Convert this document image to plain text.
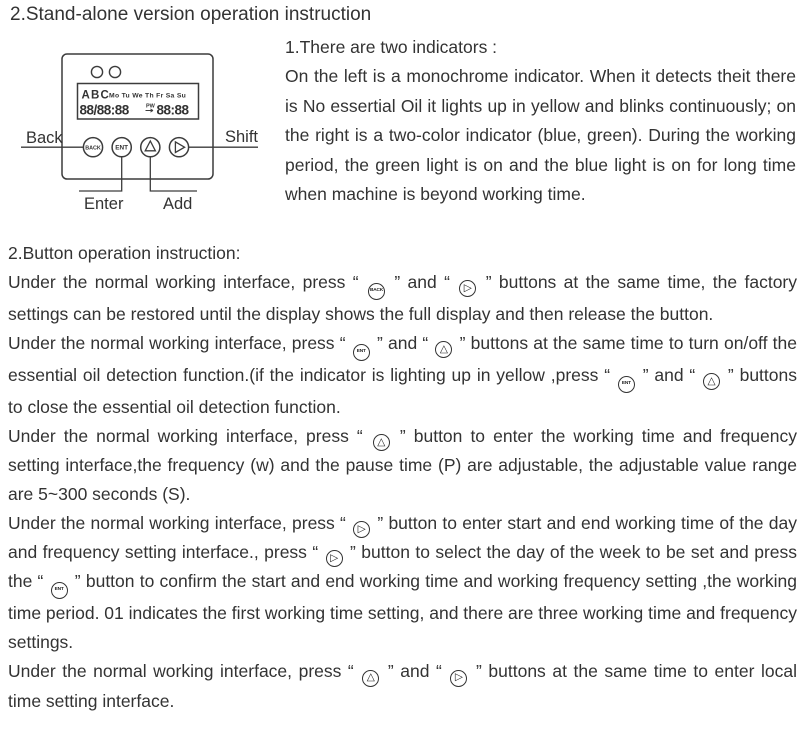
2.Stand-alone version operation instruction
ABC
Mo Tu We Th Fr Sa Su
88/88:88	PW 88:88
BACK ENT
Back	Shift
Enter Add
1.There are two indicators :
On the left is a monochrome indicator. When it detects theit there is No essertial Oil it lights up in yellow and blinks continuously; on the right is a two-color indicator (blue, green). During the working period, the green light is on and the blue light is on for long time when machine is beyond working time.
2.Button operation instruction:

Under the normal working interface, press “ BACK ” and “ ▷ ” buttons at the same time, the factory settings can be restored until the display shows the full display and then release the button.

Under the normal working interface, press “ ENT ” and “ △ ” buttons at the same time to turn on/off the essential oil detection function.(if the indicator is lighting up in yellow ,press “ ENT ” and “ △ ” buttons to close the essential oil detection function.

Under the normal working interface, press “ △ ” button to enter the working time and frequency setting interface,the frequency (w) and the pause time (P) are adjustable, the adjustable value range are 5~300 seconds (S).

Under the normal working interface, press “ ▷ ” button to enter start and end working time of the day and frequency setting interface., press “ ▷ ” button to select the day of the week to be set and press the “ ENT ” button to confirm the start and end working time and working frequency setting ,the working time period. 01 indicates the first working time setting, and there are three working time and frequency settings.

Under the normal working interface, press “ △ ” and “ ▷ ” buttons at the same time to enter local time setting interface.
